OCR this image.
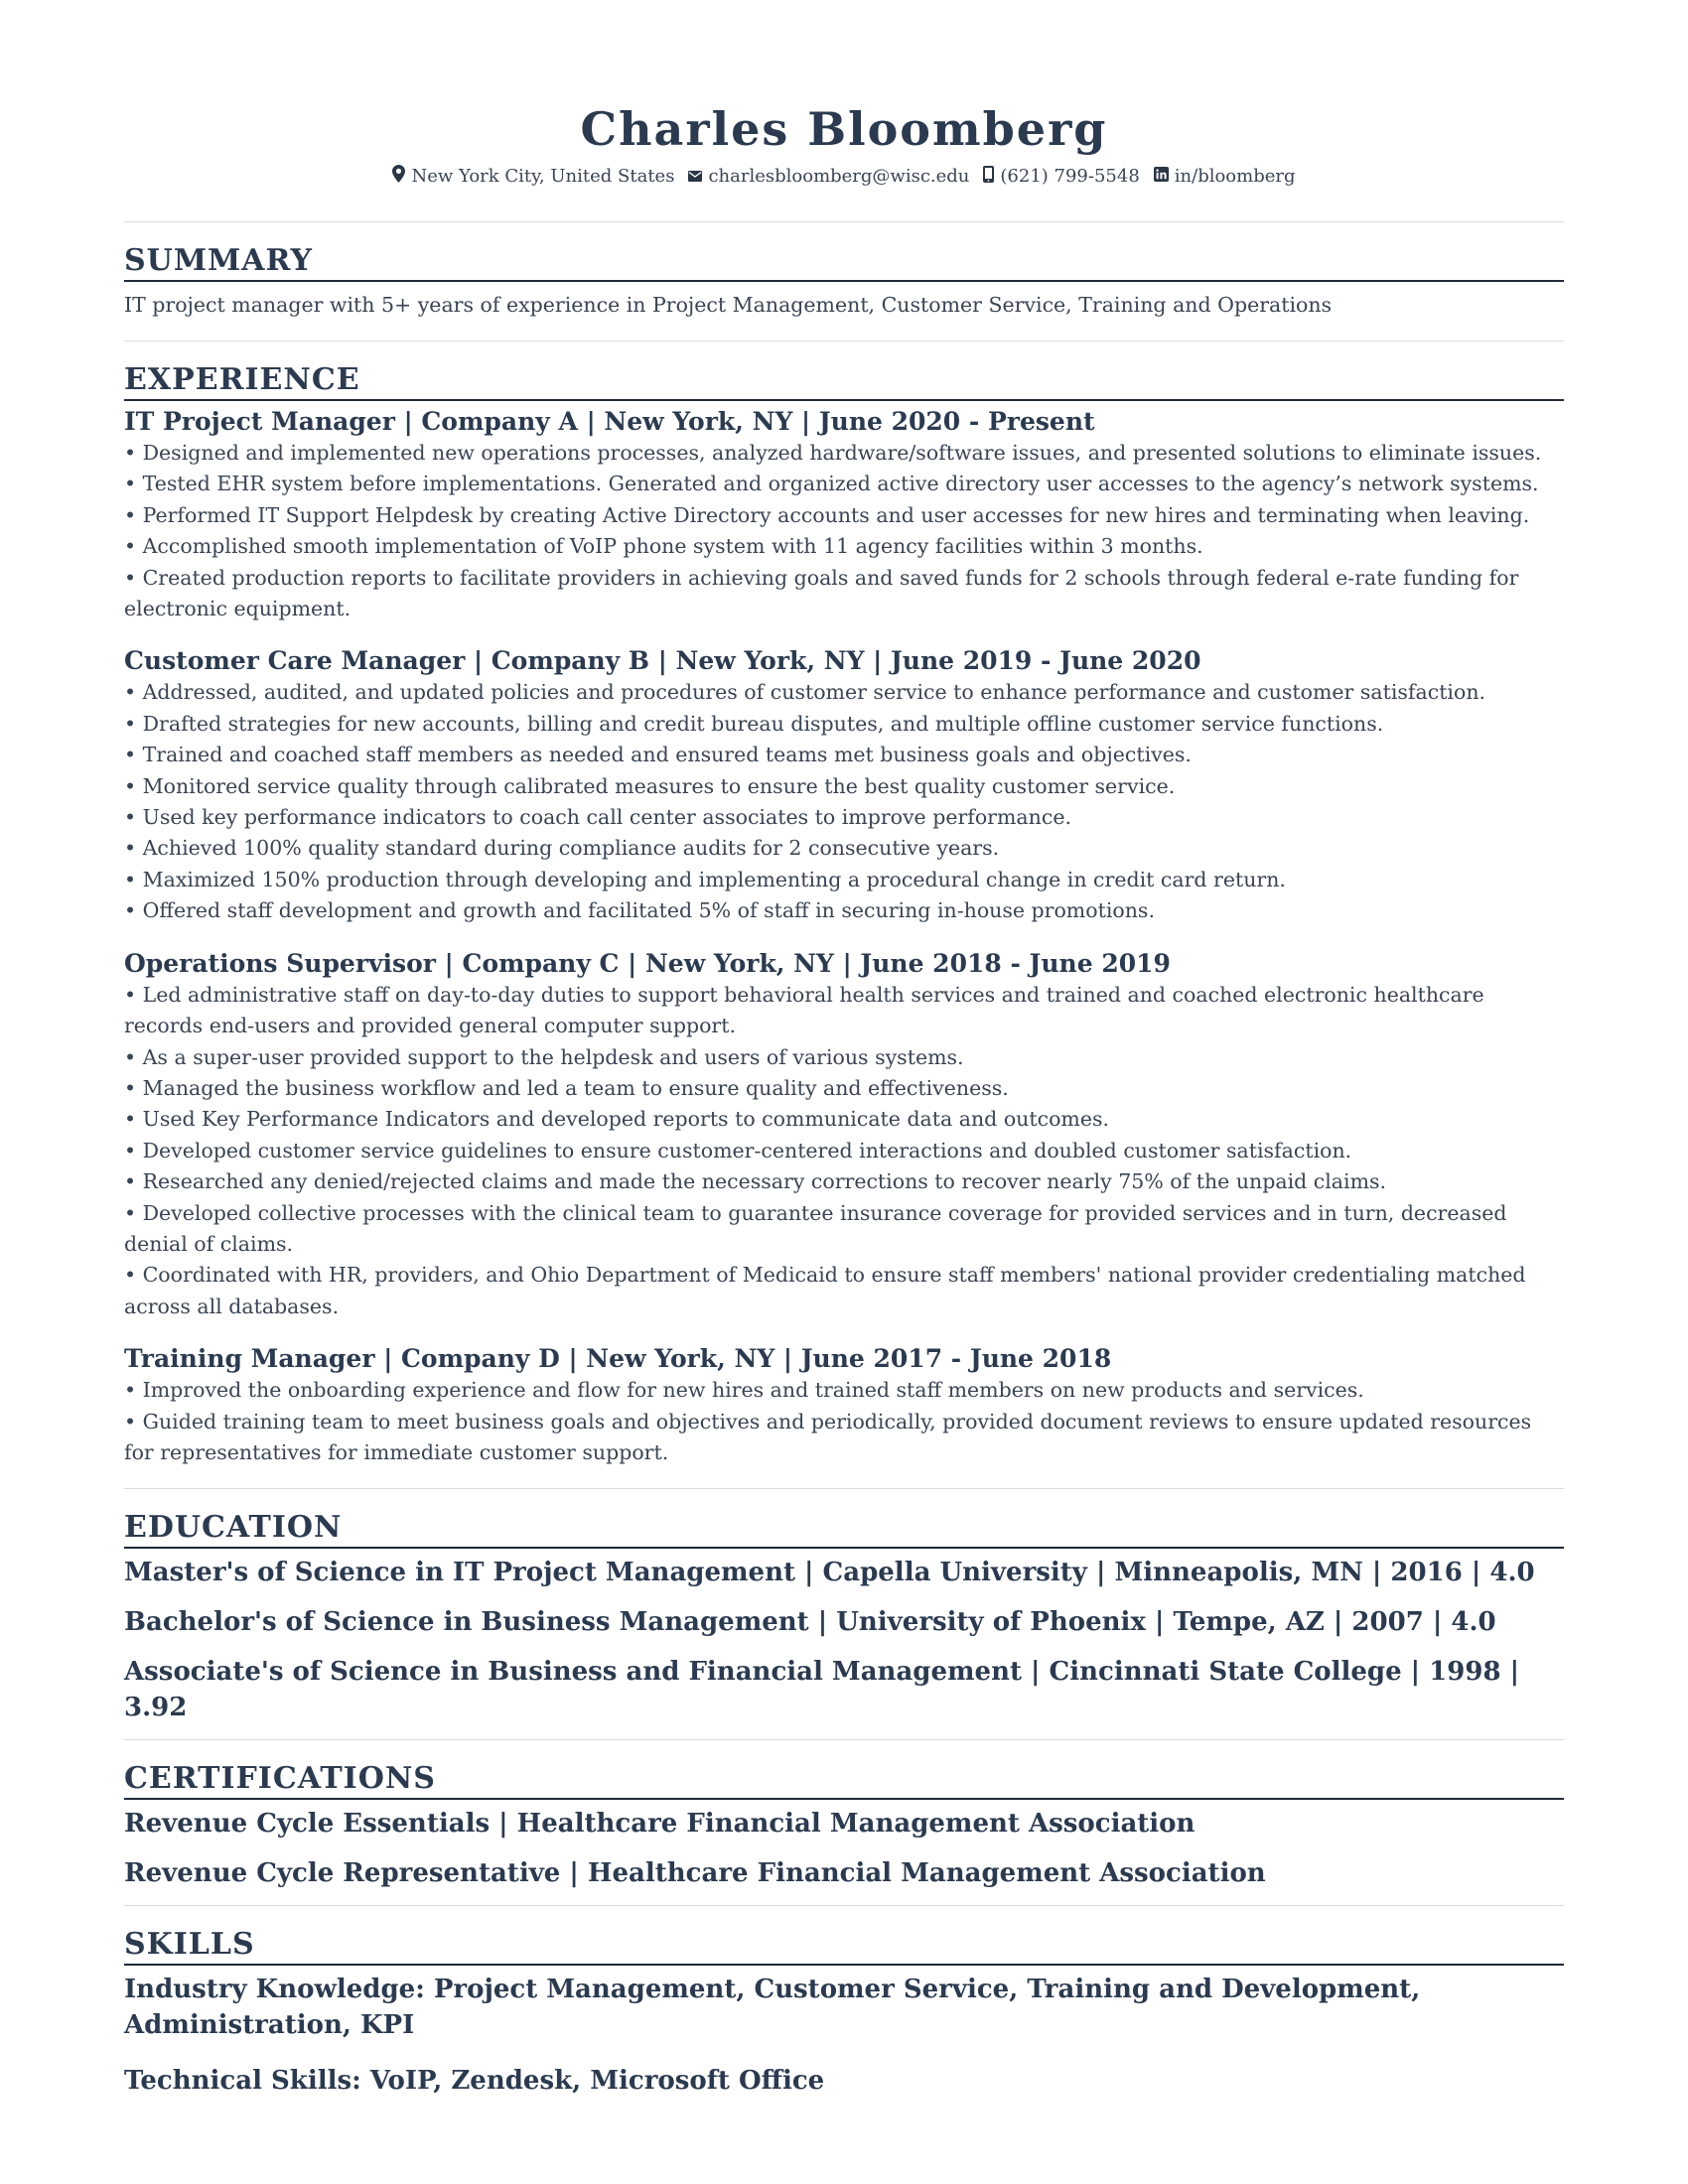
Charles Bloomberg
New York City, United States charlesbloomberg@wisc.edu (621) 799-5548 in/bloomberg
SUMMARY
IT project manager with 5+ years of experience in Project Management, Customer Service, Training and Operations
EXPERIENCE
IT Project Manager | Company A | New York, NY | June 2020 - Present
• Designed and implemented new operations processes, analyzed hardware/software issues, and presented solutions to eliminate issues.
• Tested EHR system before implementations. Generated and organized active directory user accesses to the agency’s network systems.
• Performed IT Support Helpdesk by creating Active Directory accounts and user accesses for new hires and terminating when leaving.
• Accomplished smooth implementation of VoIP phone system with 11 agency facilities within 3 months.
• Created production reports to facilitate providers in achieving goals and saved funds for 2 schools through federal e-rate funding for electronic equipment.
Customer Care Manager | Company B | New York, NY | June 2019 - June 2020
• Addressed, audited, and updated policies and procedures of customer service to enhance performance and customer satisfaction.
• Drafted strategies for new accounts, billing and credit bureau disputes, and multiple offline customer service functions.
• Trained and coached staff members as needed and ensured teams met business goals and objectives.
• Monitored service quality through calibrated measures to ensure the best quality customer service.
• Used key performance indicators to coach call center associates to improve performance.
• Achieved 100% quality standard during compliance audits for 2 consecutive years.
• Maximized 150% production through developing and implementing a procedural change in credit card return.
• Offered staff development and growth and facilitated 5% of staff in securing in-house promotions.
Operations Supervisor | Company C | New York, NY | June 2018 - June 2019
• Led administrative staff on day-to-day duties to support behavioral health services and trained and coached electronic healthcare records end-users and provided general computer support.
• As a super-user provided support to the helpdesk and users of various systems.
• Managed the business workflow and led a team to ensure quality and effectiveness.
• Used Key Performance Indicators and developed reports to communicate data and outcomes.
• Developed customer service guidelines to ensure customer-centered interactions and doubled customer satisfaction.
• Researched any denied/rejected claims and made the necessary corrections to recover nearly 75% of the unpaid claims.
• Developed collective processes with the clinical team to guarantee insurance coverage for provided services and in turn, decreased denial of claims.
• Coordinated with HR, providers, and Ohio Department of Medicaid to ensure staff members' national provider credentialing matched across all databases.
Training Manager | Company D | New York, NY | June 2017 - June 2018
• Improved the onboarding experience and flow for new hires and trained staff members on new products and services.
• Guided training team to meet business goals and objectives and periodically, provided document reviews to ensure updated resources for representatives for immediate customer support.
EDUCATION
Master's of Science in IT Project Management | Capella University | Minneapolis, MN | 2016 | 4.0
Bachelor's of Science in Business Management | University of Phoenix | Tempe, AZ | 2007 | 4.0
Associate's of Science in Business and Financial Management | Cincinnati State College | 1998 | 3.92
CERTIFICATIONS
Revenue Cycle Essentials | Healthcare Financial Management Association
Revenue Cycle Representative | Healthcare Financial Management Association
SKILLS
Industry Knowledge: Project Management, Customer Service, Training and Development, Administration, KPI
Technical Skills: VoIP, Zendesk, Microsoft Office
